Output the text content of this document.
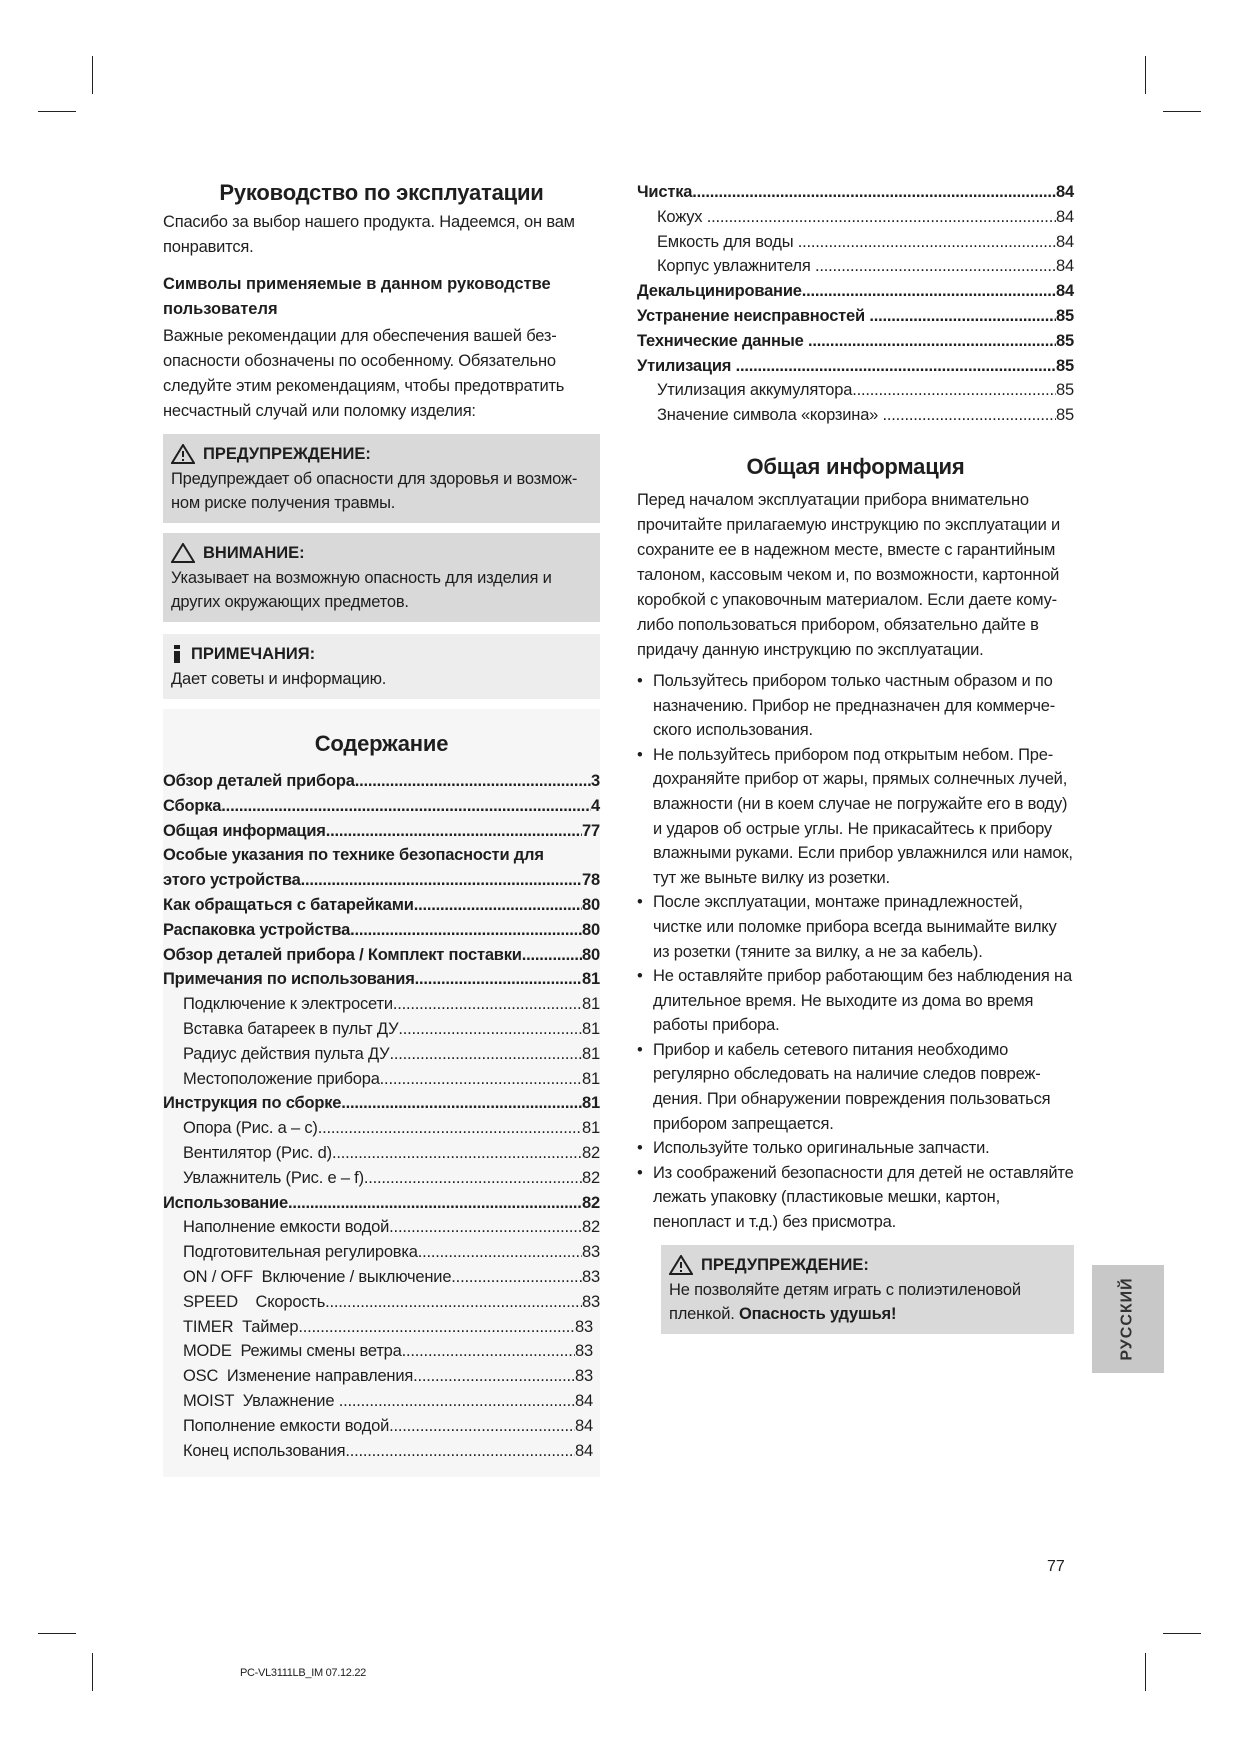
Руководство по эксплуатации

Спасибо за выбор нашего продукта. Надеемся, он вам понравится.

Символы применяемые в данном руководстве пользователя

Важные рекомендации для обеспечения вашей безопасности обозначены по особенному. Обязательно следуйте этим рекомендациям, чтобы предотвратить несчастный случай или поломку изделия:

ПРЕДУПРЕЖДЕНИЕ:
Предупреждает об опасности для здоровья и возможном риске получения травмы.
ВНИМАНИЕ:
Указывает на возможную опасность для изделия и других окружающих предметов.
ПРИМЕЧАНИЯ:
Дает советы и информацию.
Содержание
Обзор деталей прибора .....	3
Сборка .....	4
Общая информация .....	77
Особые указания по технике безопасности для
этого устройства .....	78
Как обращаться с батарейками .....	80
Распаковка устройства .....	80
Обзор деталей прибора / Комплект поставки .....	80
Примечания по использования .....	81
Подключение к электросети .....	81
Вставка батареек в пульт ДУ .....	81
Радиус действия пульта ДУ .....	81
Местоположение прибора .....	81
Инструкция по сборке .....	81
Опора (Рис. a – c) .....	81
Вентилятор (Рис. d) .....	82
Увлажнитель (Рис. e – f) .....	82
Использование .....	82
Наполнение емкости водой .....	82
Подготовительная регулировка .....	83
ON / OFF  Включение / выключение .....	83
SPEED    Скорость .....	83
TIMER  Таймер .....	83
MODE  Режимы смены ветра .....	83
OSC  Изменение направления .....	83
MOIST  Увлажнение .....	84
Пополнение емкости водой .....	84
Конец использования .....	84
Чистка .....	84
Кожух .....	84
Емкость для воды .....	84
Корпус увлажнителя .....	84
Декальцинирование .....	84
Устранение неисправностей .....	85
Технические данные .....	85
Утилизация .....	85
Утилизация аккумулятора .....	85
Значение символа «корзина» .....	85
Общая информация

Перед началом эксплуатации прибора внимательно прочитайте прилагаемую инструкцию по эксплуатации и сохраните ее в надежном месте, вместе с гарантийным талоном, кассовым чеком и, по возможности, картонной коробкой с упаковочным материалом. Если даете кому-либо попользоваться прибором, обязательно дайте в придачу данную инструкцию по эксплуатации.

• Пользуйтесь прибором только частным образом и по назначению. Прибор не предназначен для коммерческого использования.
• Не пользуйтесь прибором под открытым небом. Предохраняйте прибор от жары, прямых солнечных лучей, влажности (ни в коем случае не погружайте его в воду) и ударов об острые углы. Не прикасайтесь к прибору влажными руками. Если прибор увлажнился или намок, тут же выньте вилку из розетки.
• После эксплуатации, монтаже принадлежностей, чистке или поломке прибора всегда вынимайте вилку из розетки (тяните за вилку, а не за кабель).
• Не оставляйте прибор работающим без наблюдения на длительное время. Не выходите из дома во время работы прибора.
• Прибор и кабель сетевого питания необходимо регулярно обследовать на наличие следов повреждения. При обнаружении повреждения пользоваться прибором запрещается.
• Используйте только оригинальные запчасти.
• Из соображений безопасности для детей не оставляйте лежать упаковку (пластиковые мешки, картон, пенопласт и т.д.) без присмотра.
ПРЕДУПРЕЖДЕНИЕ:
Не позволяйте детям играть с полиэтиленовой пленкой. Опасность удушья!	РУССКИЙ
77
PC-VL3111LB_IM 07.12.22
